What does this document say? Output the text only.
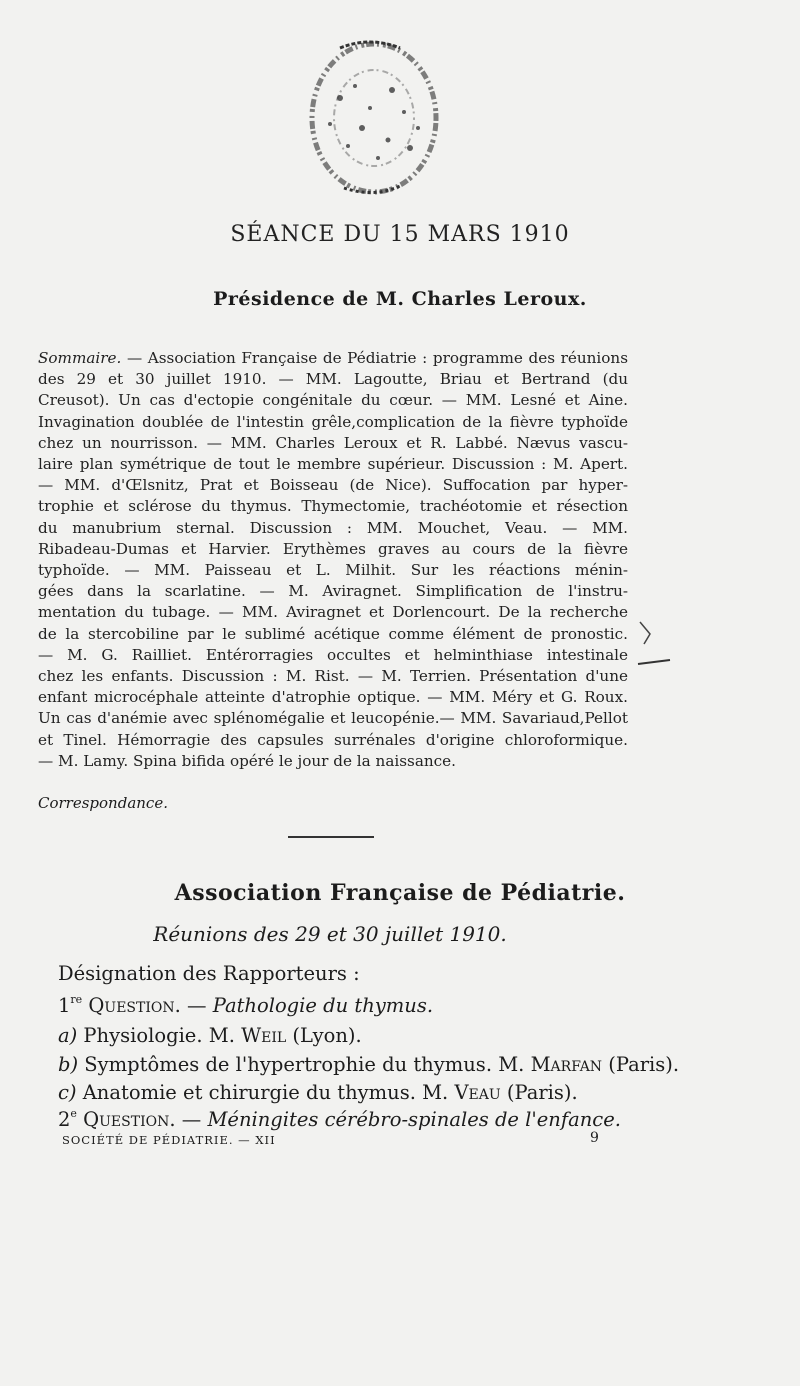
SÉANCE DU 15 MARS 1910
Présidence de M. Charles Leroux.
Sommaire. — Association Française de Pédiatrie : programme des réunions
des 29 et 30 juillet 1910. — MM. Lagoutte, Briau et Bertrand (du
Creusot). Un cas d'ectopie congénitale du cœur. — MM. Lesné et Aine.
Invagination doublée de l'intestin grêle,complication de la fièvre typhoïde
chez un nourrisson. — MM. Charles Leroux et R. Labbé. Nævus vascu-
laire plan symétrique de tout le membre supérieur. Discussion : M. Apert.
— MM. d'Œlsnitz, Prat et Boisseau (de Nice). Suffocation par hyper-
trophie et sclérose du thymus. Thymectomie, trachéotomie et résection
du manubrium sternal. Discussion : MM. Mouchet, Veau. — MM.
Ribadeau-Dumas et Harvier. Erythèmes graves au cours de la fièvre
typhoïde. — MM. Paisseau et L. Milhit. Sur les réactions ménin-
gées dans la scarlatine. — M. Aviragnet. Simplification de l'instru-
mentation du tubage. — MM. Aviragnet et Dorlencourt. De la recherche
de la stercobiline par le sublimé acétique comme élément de pronostic.
— M. G. Railliet. Entérorragies occultes et helminthiase intestinale
chez les enfants. Discussion : M. Rist. — M. Terrien. Présentation d'une
enfant microcéphale atteinte d'atrophie optique. — MM. Méry et G. Roux.
Un cas d'anémie avec splénomégalie et leucopénie.— MM. Savariaud,Pellot
et Tinel. Hémorragie des capsules surrénales d'origine chloroformique.
— M. Lamy. Spina bifida opéré le jour de la naissance.
Correspondance.
Association Française de Pédiatrie.
Réunions des 29 et 30 juillet 1910.
Désignation des Rapporteurs :
1re Question. — Pathologie du thymus.
a) Physiologie. M. Weil (Lyon).
b) Symptômes de l'hypertrophie du thymus. M. Marfan (Paris).
c) Anatomie et chirurgie du thymus. M. Veau (Paris).
2e Question. — Méningites cérébro-spinales de l'enfance.
SOCIÉTÉ DE PÉDIATRIE. — XII	9
